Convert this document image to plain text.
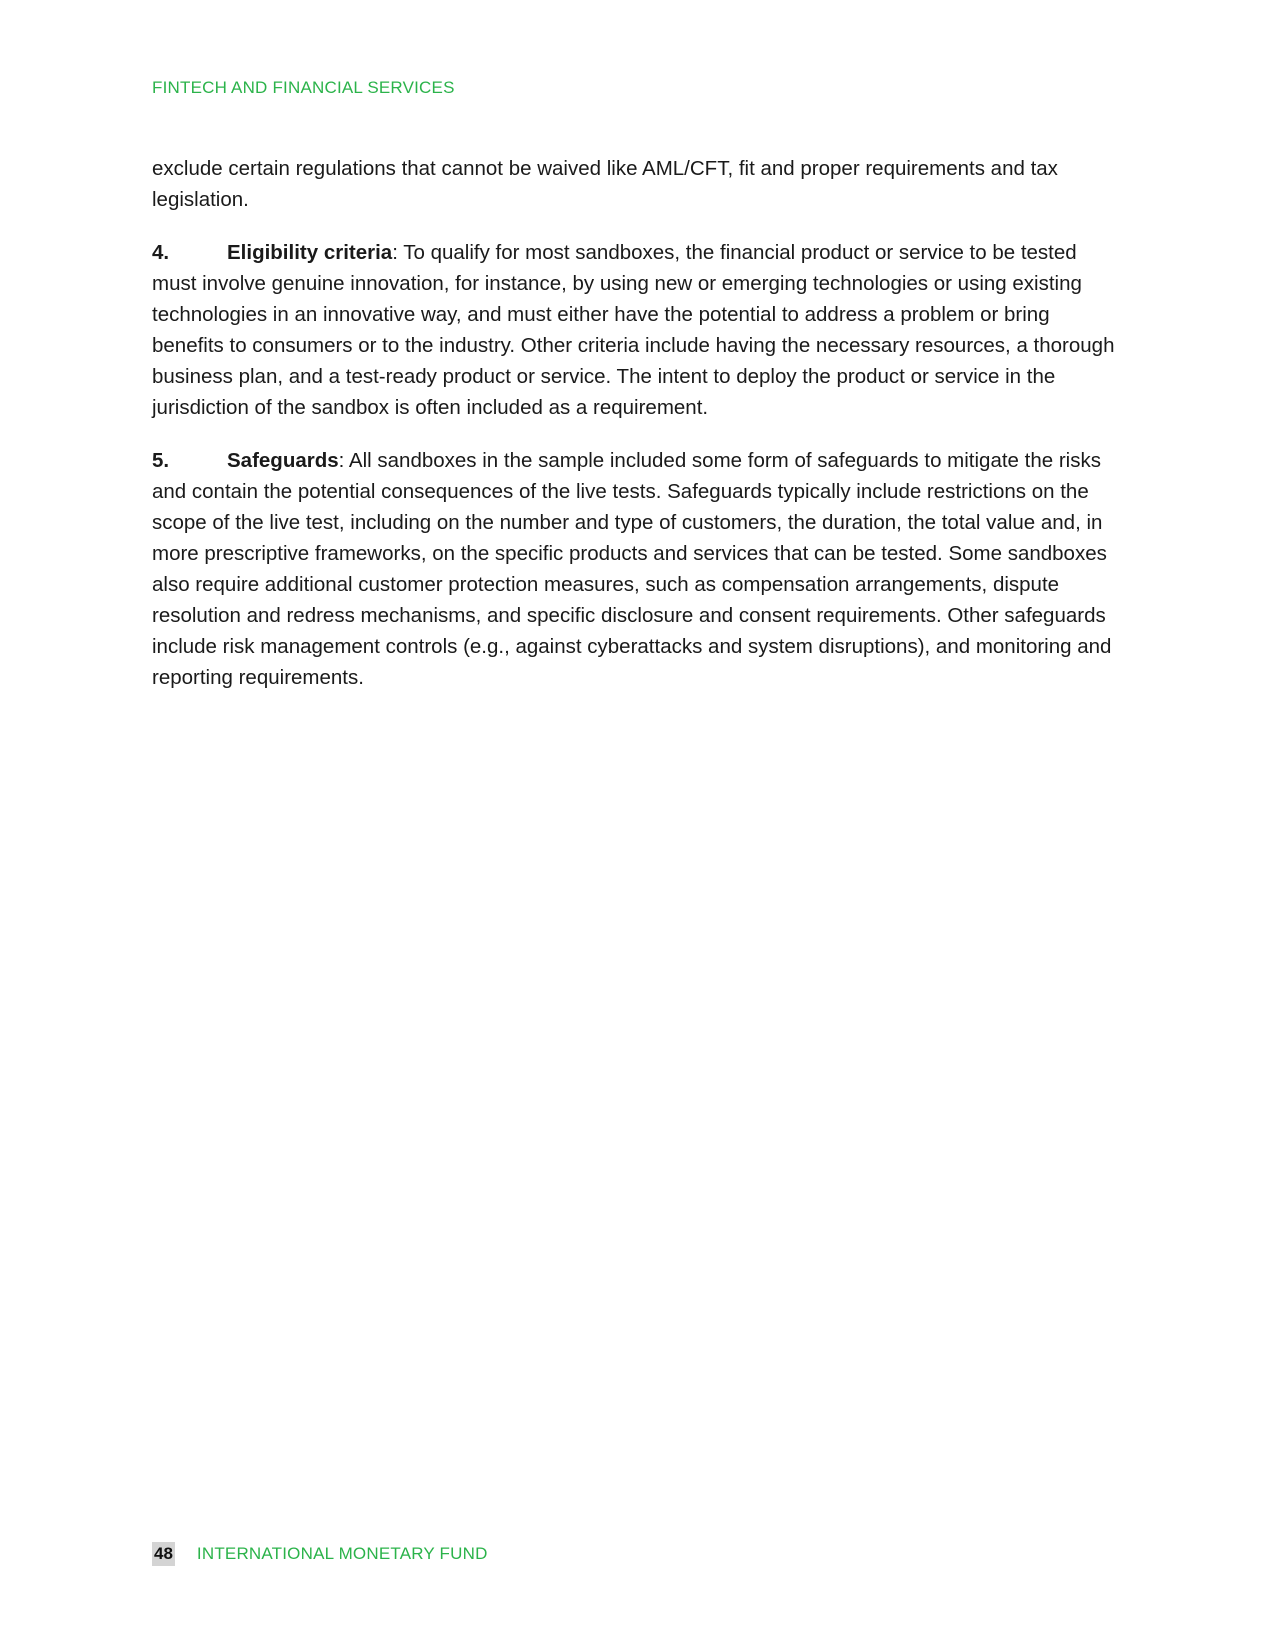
FINTECH AND FINANCIAL SERVICES

exclude certain regulations that cannot be waived like AML/CFT, fit and proper requirements and tax legislation.

4.	Eligibility criteria: To qualify for most sandboxes, the financial product or service to be tested must involve genuine innovation, for instance, by using new or emerging technologies or using existing technologies in an innovative way, and must either have the potential to address a problem or bring benefits to consumers or to the industry. Other criteria include having the necessary resources, a thorough business plan, and a test-ready product or service. The intent to deploy the product or service in the jurisdiction of the sandbox is often included as a requirement.

5.	Safeguards: All sandboxes in the sample included some form of safeguards to mitigate the risks and contain the potential consequences of the live tests. Safeguards typically include restrictions on the scope of the live test, including on the number and type of customers, the duration, the total value and, in more prescriptive frameworks, on the specific products and services that can be tested. Some sandboxes also require additional customer protection measures, such as compensation arrangements, dispute resolution and redress mechanisms, and specific disclosure and consent requirements. Other safeguards include risk management controls (e.g., against cyberattacks and system disruptions), and monitoring and reporting requirements.

48 INTERNATIONAL MONETARY FUND
